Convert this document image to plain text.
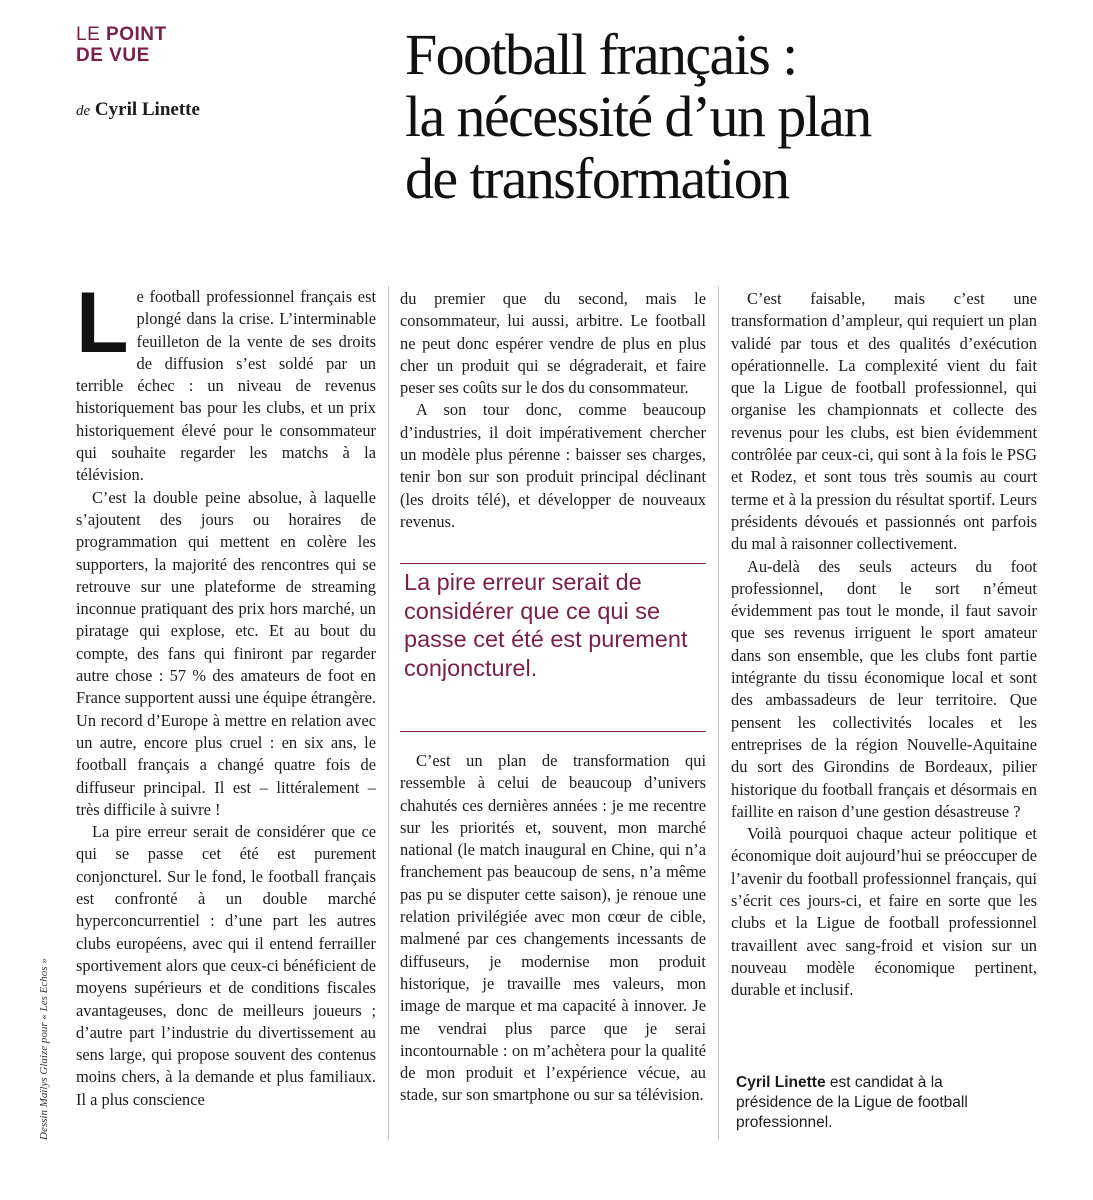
LE POINT
DE VUE
de Cyril Linette
Football français :
la nécessité d’un plan
de transformation

Le football professionnel français est plongé dans la crise. L’interminable feuilleton de la vente de ses droits de diffusion s’est soldé par un terrible échec : un niveau de revenus historiquement bas pour les clubs, et un prix historiquement élevé pour le consommateur qui souhaite regarder les matchs à la télévision.

C’est la double peine absolue, à laquelle s’ajoutent des jours ou horaires de programmation qui mettent en colère les supporters, la majorité des rencontres qui se retrouve sur une plateforme de streaming inconnue pratiquant des prix hors marché, un piratage qui explose, etc. Et au bout du compte, des fans qui finiront par regarder autre chose : 57 % des amateurs de foot en France supportent aussi une équipe étrangère. Un record d’Europe à mettre en relation avec un autre, encore plus cruel : en six ans, le football français a changé quatre fois de diffuseur principal. Il est – littéralement – très difficile à suivre !

La pire erreur serait de considérer que ce qui se passe cet été est purement conjoncturel. Sur le fond, le football français est confronté à un double marché hyperconcurrentiel : d’une part les autres clubs européens, avec qui il entend ferrailler sportivement alors que ceux-ci bénéficient de moyens supérieurs et de conditions fiscales avantageuses, donc de meilleurs joueurs ; d’autre part l’industrie du divertissement au sens large, qui propose souvent des contenus moins chers, à la demande et plus familiaux. Il a plus conscience

du premier que du second, mais le consommateur, lui aussi, arbitre. Le football ne peut donc espérer vendre de plus en plus cher un produit qui se dégraderait, et faire peser ses coûts sur le dos du consommateur.

A son tour donc, comme beaucoup d’industries, il doit impérativement chercher un modèle plus pérenne : baisser ses charges, tenir bon sur son produit principal déclinant (les droits télé), et développer de nouveaux revenus.

La pire erreur serait de considérer que ce qui se passe cet été est purement conjoncturel.

C’est un plan de transformation qui ressemble à celui de beaucoup d’univers chahutés ces dernières années : je me recentre sur les priorités et, souvent, mon marché national (le match inaugural en Chine, qui n’a franchement pas beaucoup de sens, n’a même pas pu se disputer cette saison), je renoue une relation privilégiée avec mon cœur de cible, malmené par ces changements incessants de diffuseurs, je modernise mon produit historique, je travaille mes valeurs, mon image de marque et ma capacité à innover. Je me vendrai plus parce que je serai incontournable : on m’achètera pour la qualité de mon produit et l’expérience vécue, au stade, sur son smartphone ou sur sa télévision.

C’est faisable, mais c’est une transformation d’ampleur, qui requiert un plan validé par tous et des qualités d’exécution opérationnelle. La complexité vient du fait que la Ligue de football professionnel, qui organise les championnats et collecte des revenus pour les clubs, est bien évidemment contrôlée par ceux-ci, qui sont à la fois le PSG et Rodez, et sont tous très soumis au court terme et à la pression du résultat sportif. Leurs présidents dévoués et passionnés ont parfois du mal à raisonner collectivement.

Au-delà des seuls acteurs du foot professionnel, dont le sort n’émeut évidemment pas tout le monde, il faut savoir que ses revenus irriguent le sport amateur dans son ensemble, que les clubs font partie intégrante du tissu économique local et sont des ambassadeurs de leur territoire. Que pensent les collectivités locales et les entreprises de la région Nouvelle-Aquitaine du sort des Girondins de Bordeaux, pilier historique du football français et désormais en faillite en raison d’une gestion désastreuse ?

Voilà pourquoi chaque acteur politique et économique doit aujourd’hui se préoccuper de l’avenir du football professionnel français, qui s’écrit ces jours-ci, et faire en sorte que les clubs et la Ligue de football professionnel travaillent avec sang-froid et vision sur un nouveau modèle économique pertinent, durable et inclusif.

Cyril Linette est candidat à la présidence de la Ligue de football professionnel.
Dessin Maïlys Glaize pour « Les Echos »
